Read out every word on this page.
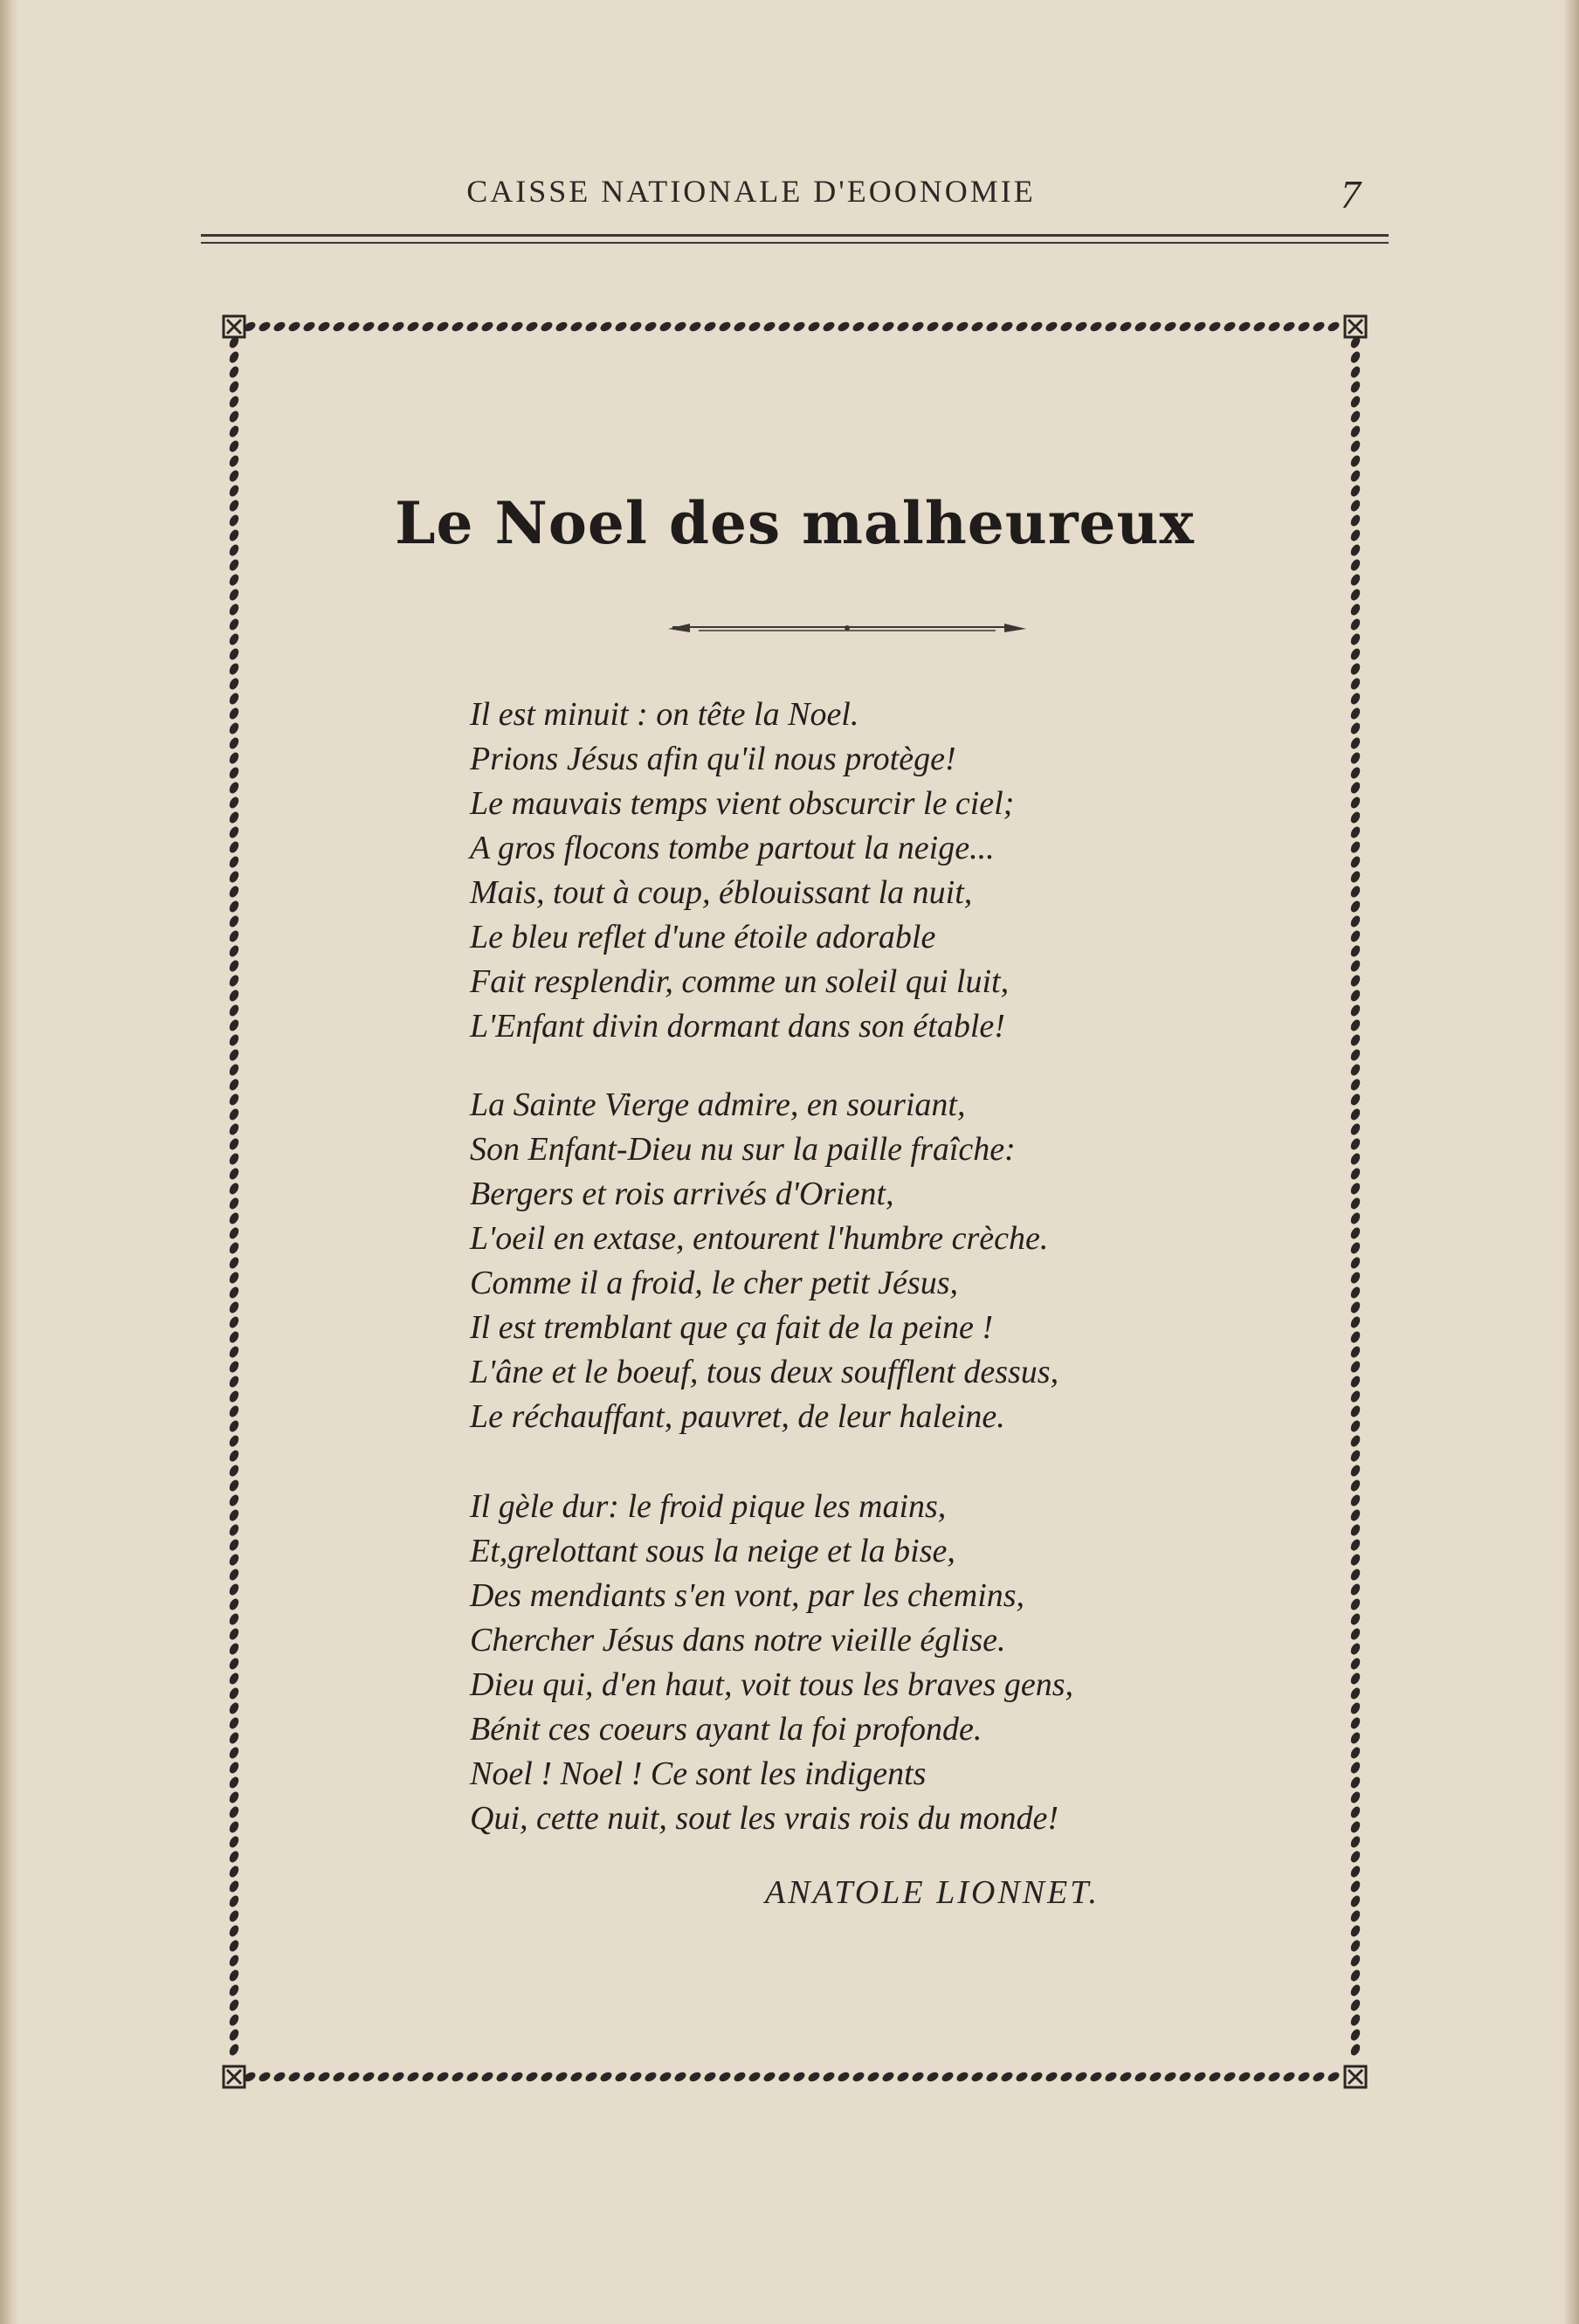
CAISSE NATIONALE D'EOONOMIE	7
Le Noel des malheureux
Il est minuit : on tête la Noel.
Prions Jésus afin qu'il nous protège!
Le mauvais temps vient obscurcir le ciel;
A gros flocons tombe partout la neige...
Mais, tout à coup, éblouissant la nuit,
Le bleu reflet d'une étoile adorable
Fait resplendir, comme un soleil qui luit,
L'Enfant divin dormant dans son étable!
La Sainte Vierge admire, en souriant,
Son Enfant-Dieu nu sur la paille fraîche:
Bergers et rois arrivés d'Orient,
L'oeil en extase, entourent l'humbre crèche.
Comme il a froid, le cher petit Jésus,
Il est tremblant que ça fait de la peine !
L'âne et le boeuf, tous deux soufflent dessus,
Le réchauffant, pauvret, de leur haleine.
Il gèle dur: le froid pique les mains,
Et,grelottant sous la neige et la bise,
Des mendiants s'en vont, par les chemins,
Chercher Jésus dans notre vieille église.
Dieu qui, d'en haut, voit tous les braves gens,
Bénit ces coeurs ayant la foi profonde.
Noel ! Noel ! Ce sont les indigents
Qui, cette nuit, sout les vrais rois du monde!
ANATOLE LIONNET.
